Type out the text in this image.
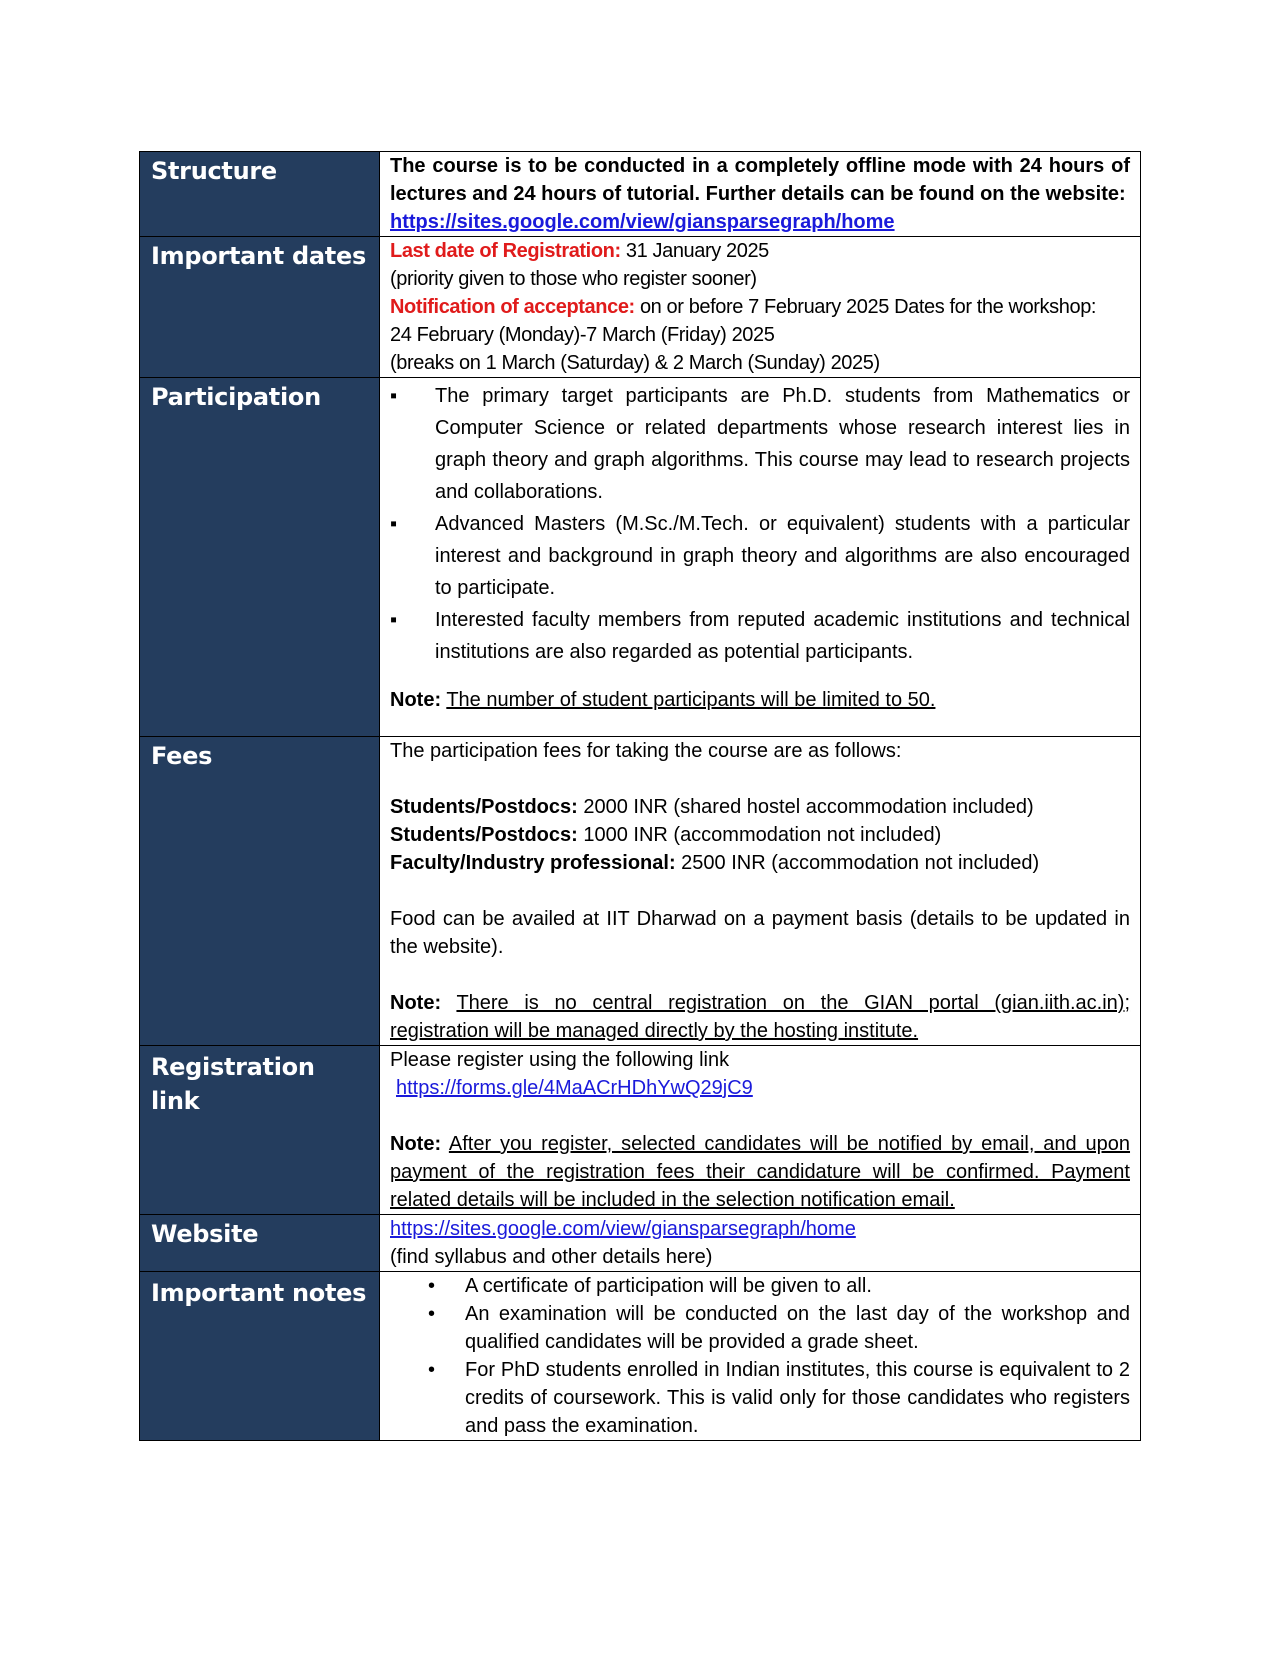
Structure	The course is to be conducted in a completely offline mode with 24 hours of lectures and 24 hours of tutorial. Further details can be found on the website:
https://sites.google.com/view/giansparsegraph/home
Important dates	Last date of Registration: 31 January 2025
(priority given to those who register sooner)
Notification of acceptance: on or before 7 February 2025 Dates for the workshop:
24 February (Monday)-7 March (Friday) 2025
(breaks on 1 March (Saturday) & 2 March (Sunday) 2025)

Participation	▪ The primary target participants are Ph.D. students from Mathematics or Computer Science or related departments whose research interest lies in graph theory and graph algorithms. This course may lead to research projects and collaborations.
▪ Advanced Masters (M.Sc./M.Tech. or equivalent) students with a particular interest and background in graph theory and algorithms are also encouraged to participate.
▪ Interested faculty members from reputed academic institutions and technical institutions are also regarded as potential participants.
Note: The number of student participants will be limited to 50.

Fees	The participation fees for taking the course are as follows:
Students/Postdocs: 2000 INR (shared hostel accommodation included)
Students/Postdocs: 1000 INR (accommodation not included)
Faculty/Industry professional: 2500 INR (accommodation not included)
Food can be availed at IIT Dharwad on a payment basis (details to be updated in the website).
Note: There is no central registration on the GIAN portal (gian.iith.ac.in); registration will be managed directly by the hosting institute.

Registration link	Please register using the following link
https://forms.gle/4MaACrHDhYwQ29jC9
Note: After you register, selected candidates will be notified by email, and upon payment of the registration fees their candidature will be confirmed. Payment related details will be included in the selection notification email.

Website	https://sites.google.com/view/giansparsegraph/home
(find syllabus and other details here)

Important notes	• A certificate of participation will be given to all.
• An examination will be conducted on the last day of the workshop and qualified candidates will be provided a grade sheet.
• For PhD students enrolled in Indian institutes, this course is equivalent to 2 credits of coursework. This is valid only for those candidates who registers and pass the examination.
